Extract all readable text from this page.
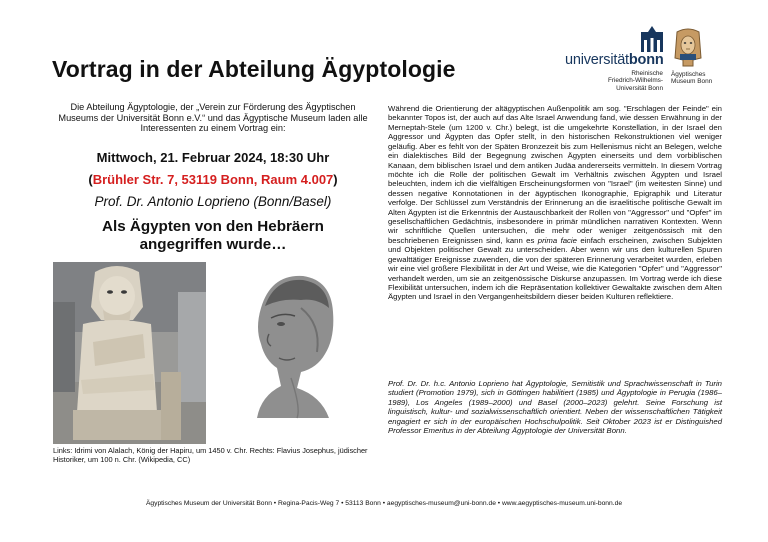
Vortrag in der Abteilung Ägyptologie	universitätbonn
Rheinische
Friedrich-Wilhelms-
Universität Bonn
Ägyptisches
Museum Bonn
Die Abteilung Ägyptologie, der „Verein zur Förderung des Ägyptischen Museums der Universität Bonn e.V.“ und das Ägyptische Museum laden alle Interessenten zu einem Vortrag ein:
Mittwoch, 21. Februar 2024, 18:30 Uhr
(Brühler Str. 7, 53119 Bonn, Raum 4.007)
Prof. Dr. Antonio Loprieno (Bonn/Basel)
Als Ägypten von den Hebräern
angegriffen wurde…
Links: Idrimi von Alalach, König der Hapiru, um 1450 v. Chr. Rechts: Flavius Josephus, jüdischer Historiker, um 100 n. Chr. (Wikipedia, CC)
Während die Orientierung der altägyptischen Außenpolitik am sog. "Erschlagen der Feinde" ein bekannter Topos ist, der auch auf das Alte Israel Anwendung fand, wie dessen Erwähnung in der Merneptah-Stele (um 1200 v. Chr.) belegt, ist die umgekehrte Konstellation, in der Israel den Aggressor und Ägypten das Opfer stellt, in den historischen Rekonstruktionen viel weniger geläufig. Aber es fehlt von der Späten Bronzezeit bis zum Hellenismus nicht an Belegen, welche ein dialektisches Bild der Begegnung zwischen Ägypten einerseits und dem vorbiblischen Kanaan, dem biblischen Israel und dem antiken Judäa andererseits vermitteln. In diesem Vortrag möchte ich die Rolle der politischen Gewalt im Verhältnis zwischen Ägypten und Israel beleuchten, indem ich die vielfältigen Erscheinungsformen von "Israel" (im weitesten Sinne) und dessen negative Konnotationen in der ägyptischen Ikonographie, Epigraphik und Literatur verfolge. Der Schlüssel zum Verständnis der Erinnerung an die israelitische politische Gewalt im Alten Ägypten ist die Erkenntnis der Austauschbarkeit der Rollen von "Aggressor" und "Opfer" im gesellschaftlichen Gedächtnis, insbesondere in primär mündlichen narrativen Kontexten. Wenn wir schriftliche Quellen untersuchen, die mehr oder weniger zeitgenössisch mit den beschriebenen Ereignissen sind, kann es prima facie einfach erscheinen, zwischen Subjekten und Objekten politischer Gewalt zu unterscheiden. Aber wenn wir uns den kulturellen Spuren gewalttätiger Ereignisse zuwenden, die von der späteren Erinnerung verarbeitet wurden, erleben wir eine viel größere Flexibilität in der Art und Weise, wie die Kategorien "Opfer" und "Aggressor" verhandelt werden, um sie an zeitgenössische Diskurse anzupassen. Im Vortrag werde ich diese Flexibilität untersuchen, indem ich die Repräsentation kollektiver Gewaltakte zwischen dem Alten Ägypten und Israel in den Vergangenheitsbildern dieser beiden Kulturen reflektiere.
Prof. Dr. Dr. h.c. Antonio Loprieno hat Ägyptologie, Semitistik und Sprachwissenschaft in Turin studiert (Promotion 1979), sich in Göttingen habilitiert (1985) und Ägyptologie in Perugia (1986–1989), Los Angeles (1989–2000) und Basel (2000–2023) gelehrt. Seine Forschung ist linguistisch, kultur- und sozialwissenschaftlich orientiert. Neben der wissenschaftlichen Tätigkeit engagiert er sich in der europäischen Hochschulpolitik. Seit Oktober 2023 ist er Distinguished Professor Emeritus in der Abteilung Ägyptologie der Universität Bonn.
Ägyptisches Museum der Universität Bonn • Regina-Pacis-Weg 7 • 53113 Bonn • aegyptisches-museum@uni-bonn.de • www.aegyptisches-museum.uni-bonn.de
